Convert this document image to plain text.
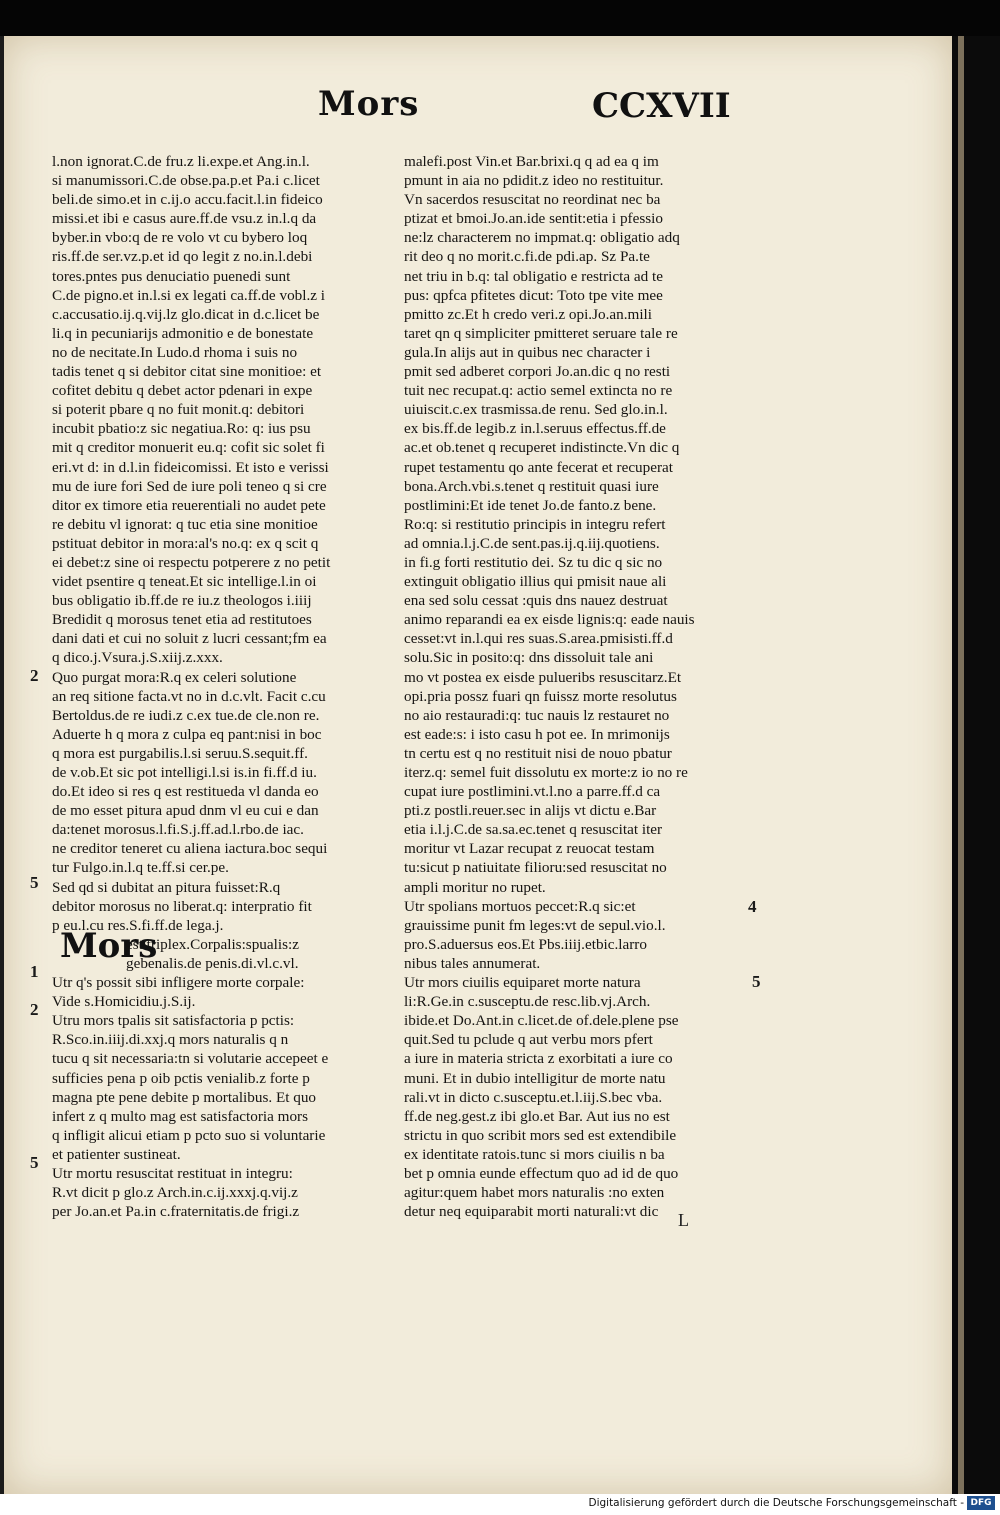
Mors	CCXVII
l.non ignorat.C.de fru.z li.expe.et Ang.in.l.
si manumissori.C.de obse.pa.p.et Pa.i c.licet
beli.de simo.et in c.ij.o accu.facit.l.in fideico
missi.et ibi e casus aure.ff.de vsu.z in.l.q da
byber.in vbo:q de re volo vt cu bybero loq
ris.ff.de ser.vz.p.et id qo legit z no.in.l.debi
tores.pntes pus denuciatio puenedi sunt
C.de pigno.et in.l.si ex legati ca.ff.de vobl.z i
c.accusatio.ij.q.vij.lz glo.dicat in d.c.licet be
li.q in pecuniarijs admonitio e de bonestate
no de necitate.In Ludo.d rhoma i suis no
tadis tenet q si debitor citat sine monitioe: et
cofitet debitu q debet actor pdenari in expe
si poterit pbare q no fuit monit.q: debitori
incubit pbatio:z sic negatiua.Ro: q: ius psu
mit q creditor monuerit eu.q: cofit sic solet fi
eri.vt d: in d.l.in fideicomissi. Et isto e verissi
mu de iure fori Sed de iure poli teneo q si cre
ditor ex timore etia reuerentiali no audet pete
re debitu vl ignorat: q tuc etia sine monitioe
pstituat debitor in mora:al's no.q: ex q scit q
ei debet:z sine oi respectu potperere z no petit
videt psentire q teneat.Et sic intellige.l.in oi
bus obligatio ib.ff.de re iu.z theologos i.iiij
Bredidit q morosus tenet etia ad restitutoes
dani dati et cui no soluit z lucri cessant;fm ea
q dico.j.Vsura.j.S.xiij.z.xxx.
Quo purgat mora:R.q ex celeri solutione
an req sitione facta.vt no in d.c.vlt. Facit c.cu
Bertoldus.de re iudi.z c.ex tue.de cle.non re.
Aduerte h q mora z culpa eq pant:nisi in boc
q mora est purgabilis.l.si seruu.S.sequit.ff.
de v.ob.Et sic pot intelligi.l.si is.in fi.ff.d iu.
do.Et ideo si res q est restitueda vl danda eo
de mo esset pitura apud dnm vl eu cui e dan
da:tenet morosus.l.fi.S.j.ff.ad.l.rbo.de iac.
ne creditor teneret cu aliena iactura.boc sequi
tur Fulgo.in.l.q te.ff.si cer.pe.
Sed qd si dubitat an pitura fuisset:R.q
debitor morosus no liberat.q: interpratio fit
p eu.l.cu res.S.fi.ff.de lega.j.
est triplex.Corpalis:spualis:z
gebenalis.de penis.di.vl.c.vl.
Utr q's possit sibi infligere morte corpale:
Vide s.Homicidiu.j.S.ij.
Utru mors tpalis sit satisfactoria p pctis:
R.Sco.in.iiij.di.xxj.q mors naturalis q n
tucu q sit necessaria:tn si volutarie accepeet e
sufficies pena p oib pctis venialib.z forte p
magna pte pene debite p mortalibus. Et quo
infert z q multo mag est satisfactoria mors
q infligit alicui etiam p pcto suo si voluntarie
et patienter sustineat.
Utr mortu resuscitat restituat in integru:
R.vt dicit p glo.z Arch.in.c.ij.xxxj.q.vij.z
per Jo.an.et Pa.in c.fraternitatis.de frigi.z
malefi.post Vin.et Bar.brixi.q q ad ea q im
pmunt in aia no pdidit.z ideo no restituitur.
Vn sacerdos resuscitat no reordinat nec ba
ptizat et bmoi.Jo.an.ide sentit:etia i pfessio
ne:lz characterem no impmat.q: obligatio adq
rit deo q no morit.c.fi.de pdi.ap. Sz Pa.te
net triu in b.q: tal obligatio e restricta ad te
pus: qpfca pfitetes dicut: Toto tpe vite mee
pmitto zc.Et h credo veri.z opi.Jo.an.mili
taret qn q simpliciter pmitteret seruare tale re
gula.In alijs aut in quibus nec character i
pmit sed adberet corpori Jo.an.dic q no resti
tuit nec recupat.q: actio semel extincta no re
uiuiscit.c.ex trasmissa.de renu. Sed glo.in.l.
ex bis.ff.de legib.z in.l.seruus effectus.ff.de
ac.et ob.tenet q recuperet indistincte.Vn dic q
rupet testamentu qo ante fecerat et recuperat
bona.Arch.vbi.s.tenet q restituit quasi iure
postlimini:Et ide tenet Jo.de fanto.z bene.
Ro:q: si restitutio principis in integru refert
ad omnia.l.j.C.de sent.pas.ij.q.iij.quotiens.
in fi.g forti restitutio dei. Sz tu dic q sic no
extinguit obligatio illius qui pmisit naue ali
ena sed solu cessat :quis dns nauez destruat
animo reparandi ea ex eisde lignis:q: eade nauis
cesset:vt in.l.qui res suas.S.area.pmisisti.ff.d
solu.Sic in posito:q: dns dissoluit tale ani
mo vt postea ex eisde pulueribs resuscitarz.Et
opi.pria possz fuari qn fuissz morte resolutus
no aio restauradi:q: tuc nauis lz restauret no
est eade:s: i isto casu h pot ee. In mrimonijs
tn certu est q no restituit nisi de nouo pbatur
iterz.q: semel fuit dissolutu ex morte:z io no re
cupat iure postlimini.vt.l.no a parre.ff.d ca
pti.z postli.reuer.sec in alijs vt dictu e.Bar
etia i.l.j.C.de sa.sa.ec.tenet q resuscitat iter
moritur vt Lazar recupat z reuocat testam
tu:sicut p natiuitate filioru:sed resuscitat no
ampli moritur no rupet.
Utr spolians mortuos peccet:R.q sic:et
grauissime punit fm leges:vt de sepul.vio.l.
pro.S.aduersus eos.Et Pbs.iiij.etbic.larro
nibus tales annumerat.
Utr mors ciuilis equiparet morte natura
li:R.Ge.in c.susceptu.de resc.lib.vj.Arch.
ibide.et Do.Ant.in c.licet.de of.dele.plene pse
quit.Sed tu pclude q aut verbu mors pfert
a iure in materia stricta z exorbitati a iure co
muni. Et in dubio intelligitur de morte natu
rali.vt in dicto c.susceptu.et.l.iij.S.bec vba.
ff.de neg.gest.z ibi glo.et Bar. Aut ius no est
strictu in quo scribit mors sed est extendibile
ex identitate ratois.tunc si mors ciuilis n ba
bet p omnia eunde effectum quo ad id de quo
agitur:quem habet mors naturalis :no exten
detur neq equiparabit morti naturali:vt dic
Mors
2
5
1
2
5
4
5
L
Digitalisierung gefördert durch die Deutsche Forschungsgemeinschaft - DFG
